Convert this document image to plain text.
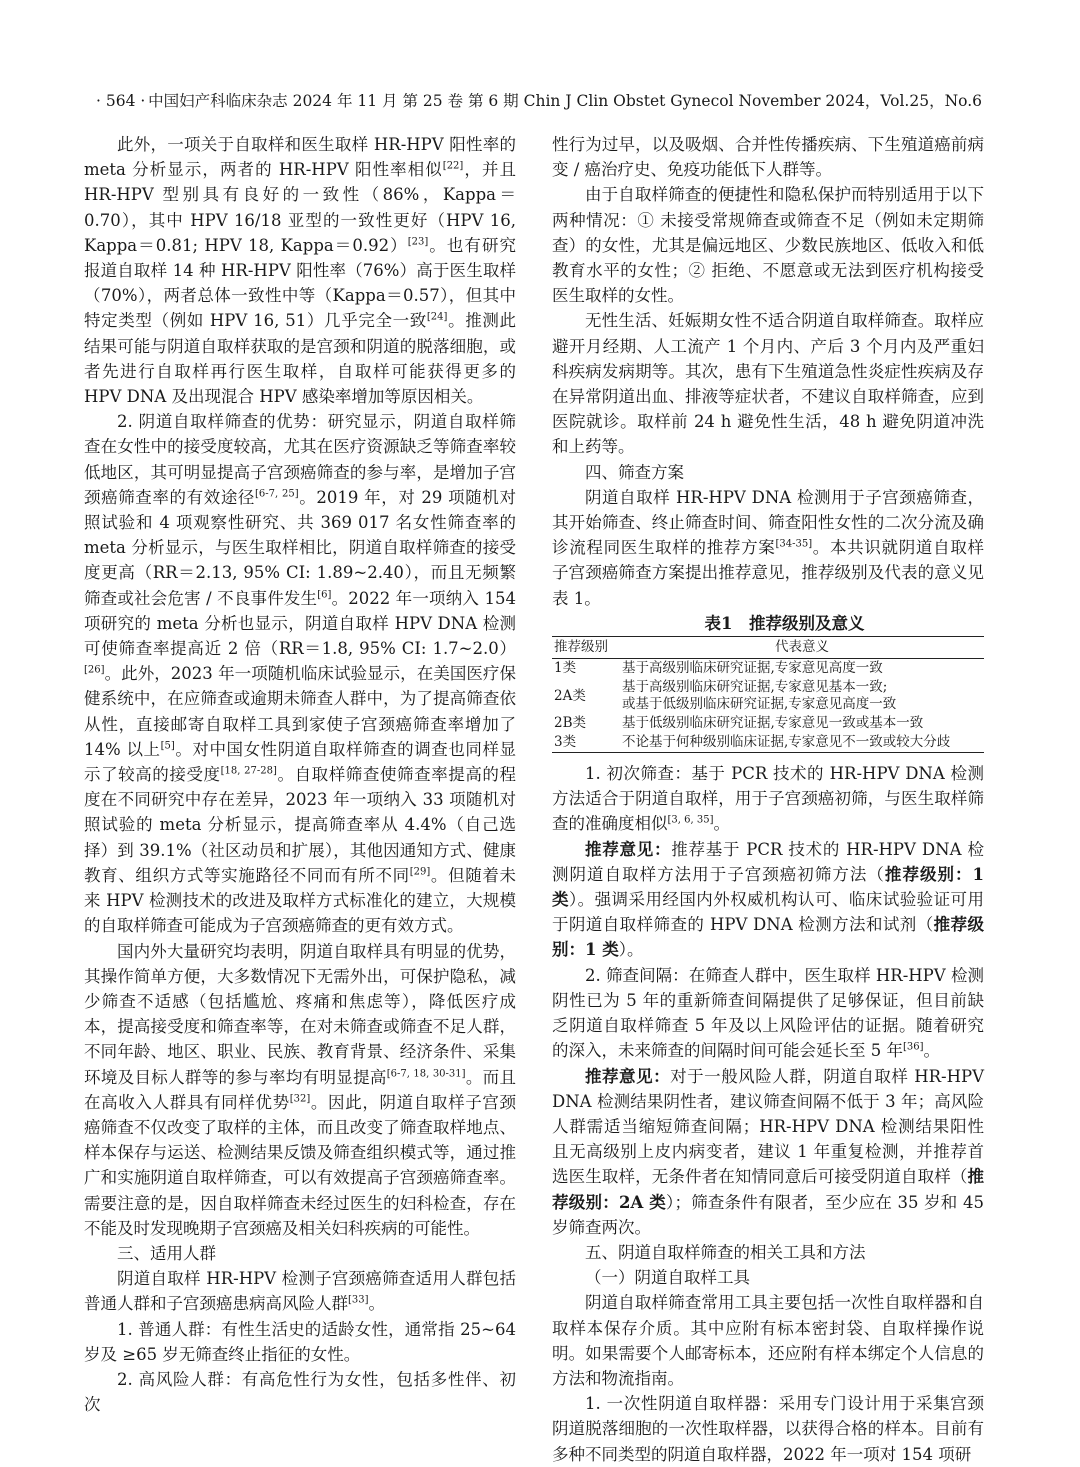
· 564 · 中国妇产科临床杂志 2024 年 11 月 第 25 卷 第 6 期 Chin J Clin Obstet Gynecol November 2024，Vol.25，No.6

此外，一项关于自取样和医生取样 HR-HPV 阳性率的 meta 分析显示，两者的 HR-HPV 阳性率相似[22]，并且 HR-HPV 型别具有良好的一致性（86%，Kappa＝0.70），其中 HPV 16/18 亚型的一致性更好（HPV 16, Kappa＝0.81; HPV 18, Kappa＝0.92）[23]。也有研究报道自取样 14 种 HR-HPV 阳性率（76%）高于医生取样（70%），两者总体一致性中等（Kappa＝0.57），但其中特定类型（例如 HPV 16, 51）几乎完全一致[24]。推测此结果可能与阴道自取样获取的是宫颈和阴道的脱落细胞，或者先进行自取样再行医生取样，自取样可能获得更多的 HPV DNA 及出现混合 HPV 感染率增加等原因相关。

2. 阴道自取样筛查的优势：研究显示，阴道自取样筛查在女性中的接受度较高，尤其在医疗资源缺乏等筛查率较低地区，其可明显提高子宫颈癌筛查的参与率，是增加子宫颈癌筛查率的有效途径[6-7, 25]。2019 年，对 29 项随机对照试验和 4 项观察性研究、共 369 017 名女性筛查率的 meta 分析显示，与医生取样相比，阴道自取样筛查的接受度更高（RR＝2.13, 95% CI: 1.89~2.40），而且无频繁筛查或社会危害 / 不良事件发生[6]。2022 年一项纳入 154 项研究的 meta 分析也显示，阴道自取样 HPV DNA 检测可使筛查率提高近 2 倍（RR＝1.8, 95% CI: 1.7~2.0）[26]。此外，2023 年一项随机临床试验显示，在美国医疗保健系统中，在应筛查或逾期未筛查人群中，为了提高筛查依从性，直接邮寄自取样工具到家使子宫颈癌筛查率增加了 14% 以上[5]。对中国女性阴道自取样筛查的调查也同样显示了较高的接受度[18, 27-28]。自取样筛查使筛查率提高的程度在不同研究中存在差异，2023 年一项纳入 33 项随机对照试验的 meta 分析显示，提高筛查率从 4.4%（自己选择）到 39.1%（社区动员和扩展），其他因通知方式、健康教育、组织方式等实施路径不同而有所不同[29]。但随着未来 HPV 检测技术的改进及取样方式标准化的建立，大规模的自取样筛查可能成为子宫颈癌筛查的更有效方式。

国内外大量研究均表明，阴道自取样具有明显的优势，其操作简单方便，大多数情况下无需外出，可保护隐私，减少筛查不适感（包括尴尬、疼痛和焦虑等），降低医疗成本，提高接受度和筛查率等，在对未筛查或筛查不足人群，不同年龄、地区、职业、民族、教育背景、经济条件、采集环境及目标人群等的参与率均有明显提高[6-7, 18, 30-31]。而且在高收入人群具有同样优势[32]。因此，阴道自取样子宫颈癌筛查不仅改变了取样的主体，而且改变了筛查取样地点、样本保存与运送、检测结果反馈及筛查组织模式等，通过推广和实施阴道自取样筛查，可以有效提高子宫颈癌筛查率。需要注意的是，因自取样筛查未经过医生的妇科检查，存在不能及时发现晚期子宫颈癌及相关妇科疾病的可能性。

三、适用人群

阴道自取样 HR-HPV 检测子宫颈癌筛查适用人群包括普通人群和子宫颈癌患病高风险人群[33]。

1. 普通人群：有性生活史的适龄女性，通常指 25~64 岁及 ≥65 岁无筛查终止指征的女性。

2. 高风险人群：有高危性行为女性，包括多性伴、初次

性行为过早，以及吸烟、合并性传播疾病、下生殖道癌前病变 / 癌治疗史、免疫功能低下人群等。

由于自取样筛查的便捷性和隐私保护而特别适用于以下两种情况：① 未接受常规筛查或筛查不足（例如未定期筛查）的女性，尤其是偏远地区、少数民族地区、低收入和低教育水平的女性；② 拒绝、不愿意或无法到医疗机构接受医生取样的女性。

无性生活、妊娠期女性不适合阴道自取样筛查。取样应避开月经期、人工流产 1 个月内、产后 3 个月内及严重妇科疾病发病期等。其次，患有下生殖道急性炎症性疾病及存在异常阴道出血、排液等症状者，不建议自取样筛查，应到医院就诊。取样前 24 h 避免性生活，48 h 避免阴道冲洗和上药等。

四、筛查方案

阴道自取样 HR-HPV DNA 检测用于子宫颈癌筛查，其开始筛查、终止筛查时间、筛查阳性女性的二次分流及确诊流程同医生取样的推荐方案[34-35]。本共识就阴道自取样子宫颈癌筛查方案提出推荐意见，推荐级别及代表的意义见表 1。

表1　推荐级别及意义

推荐级别	代表意义
1类	基于高级别临床研究证据,专家意见高度一致
2A类	基于高级别临床研究证据,专家意见基本一致;
或基于低级别临床研究证据,专家意见高度一致
2B类	基于低级别临床研究证据,专家意见一致或基本一致
3类	不论基于何种级别临床证据,专家意见不一致或较大分歧

1. 初次筛查：基于 PCR 技术的 HR-HPV DNA 检测方法适合于阴道自取样，用于子宫颈癌初筛，与医生取样筛查的准确度相似[3, 6, 35]。

推荐意见：推荐基于 PCR 技术的 HR-HPV DNA 检测阴道自取样方法用于子宫颈癌初筛方法（推荐级别：1 类）。强调采用经国内外权威机构认可、临床试验验证可用于阴道自取样筛查的 HPV DNA 检测方法和试剂（推荐级别：1 类）。

2. 筛查间隔：在筛查人群中，医生取样 HR-HPV 检测阴性已为 5 年的重新筛查间隔提供了足够保证，但目前缺乏阴道自取样筛查 5 年及以上风险评估的证据。随着研究的深入，未来筛查的间隔时间可能会延长至 5 年[36]。

推荐意见：对于一般风险人群，阴道自取样 HR-HPV DNA 检测结果阴性者，建议筛查间隔不低于 3 年；高风险人群需适当缩短筛查间隔；HR-HPV DNA 检测结果阳性且无高级别上皮内病变者，建议 1 年重复检测，并推荐首选医生取样，无条件者在知情同意后可接受阴道自取样（推荐级别：2A 类）；筛查条件有限者，至少应在 35 岁和 45 岁筛查两次。

五、阴道自取样筛查的相关工具和方法

（一）阴道自取样工具

阴道自取样筛查常用工具主要包括一次性自取样器和自取样本保存介质。其中应附有标本密封袋、自取样操作说明。如果需要个人邮寄标本，还应附有样本绑定个人信息的方法和物流指南。

1. 一次性阴道自取样器：采用专门设计用于采集宫颈阴道脱落细胞的一次性取样器，以获得合格的样本。目前有多种不同类型的阴道自取样器，2022 年一项对 154 项研
